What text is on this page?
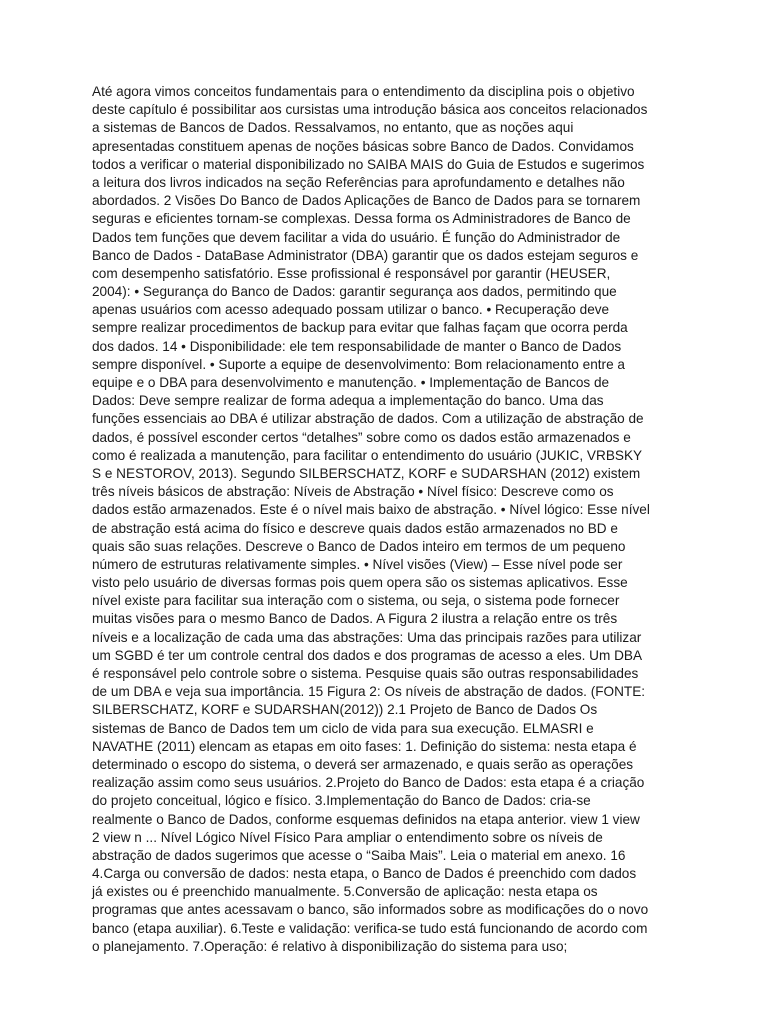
Até agora vimos conceitos fundamentais para o entendimento da disciplina pois o objetivo
deste capítulo é possibilitar aos cursistas uma introdução básica aos conceitos relacionados
a sistemas de Bancos de Dados. Ressalvamos, no entanto, que as noções aqui
apresentadas constituem apenas de noções básicas sobre Banco de Dados. Convidamos
todos a verificar o material disponibilizado no SAIBA MAIS do Guia de Estudos e sugerimos
a leitura dos livros indicados na seção Referências para aprofundamento e detalhes não
abordados. 2 Visões Do Banco de Dados Aplicações de Banco de Dados para se tornarem
seguras e eficientes tornam-se complexas. Dessa forma os Administradores de Banco de
Dados tem funções que devem facilitar a vida do usuário. É função do Administrador de
Banco de Dados - DataBase Administrator (DBA) garantir que os dados estejam seguros e
com desempenho satisfatório. Esse profissional é responsável por garantir (HEUSER,
2004): • Segurança do Banco de Dados: garantir segurança aos dados, permitindo que
apenas usuários com acesso adequado possam utilizar o banco. • Recuperação deve
sempre realizar procedimentos de backup para evitar que falhas façam que ocorra perda
dos dados. 14 • Disponibilidade: ele tem responsabilidade de manter o Banco de Dados
sempre disponível. • Suporte a equipe de desenvolvimento: Bom relacionamento entre a
equipe e o DBA para desenvolvimento e manutenção. • Implementação de Bancos de
Dados: Deve sempre realizar de forma adequa a implementação do banco. Uma das
funções essenciais ao DBA é utilizar abstração de dados. Com a utilização de abstração de
dados, é possível esconder certos “detalhes” sobre como os dados estão armazenados e
como é realizada a manutenção, para facilitar o entendimento do usuário (JUKIC, VRBSKY
S e NESTOROV, 2013). Segundo SILBERSCHATZ, KORF e SUDARSHAN (2012) existem
três níveis básicos de abstração: Níveis de Abstração • Nível físico: Descreve como os
dados estão armazenados. Este é o nível mais baixo de abstração. • Nível lógico: Esse nível
de abstração está acima do físico e descreve quais dados estão armazenados no BD e
quais são suas relações. Descreve o Banco de Dados inteiro em termos de um pequeno
número de estruturas relativamente simples. • Nível visões (View) – Esse nível pode ser
visto pelo usuário de diversas formas pois quem opera são os sistemas aplicativos. Esse
nível existe para facilitar sua interação com o sistema, ou seja, o sistema pode fornecer
muitas visões para o mesmo Banco de Dados. A Figura 2 ilustra a relação entre os três
níveis e a localização de cada uma das abstrações: Uma das principais razões para utilizar
um SGBD é ter um controle central dos dados e dos programas de acesso a eles. Um DBA
é responsável pelo controle sobre o sistema. Pesquise quais são outras responsabilidades
de um DBA e veja sua importância. 15 Figura 2: Os níveis de abstração de dados. (FONTE:
SILBERSCHATZ, KORF e SUDARSHAN(2012)) 2.1 Projeto de Banco de Dados Os
sistemas de Banco de Dados tem um ciclo de vida para sua execução. ELMASRI e
NAVATHE (2011) elencam as etapas em oito fases: 1. Definição do sistema: nesta etapa é
determinado o escopo do sistema, o deverá ser armazenado, e quais serão as operações
realização assim como seus usuários. 2.Projeto do Banco de Dados: esta etapa é a criação
do projeto conceitual, lógico e físico. 3.Implementação do Banco de Dados: cria-se
realmente o Banco de Dados, conforme esquemas definidos na etapa anterior. view 1 view
2 view n ... Nível Lógico Nível Físico Para ampliar o entendimento sobre os níveis de
abstração de dados sugerimos que acesse o “Saiba Mais”. Leia o material em anexo. 16
4.Carga ou conversão de dados: nesta etapa, o Banco de Dados é preenchido com dados
já existes ou é preenchido manualmente. 5.Conversão de aplicação: nesta etapa os
programas que antes acessavam o banco, são informados sobre as modificações do o novo
banco (etapa auxiliar). 6.Teste e validação: verifica-se tudo está funcionando de acordo com
o planejamento. 7.Operação: é relativo à disponibilização do sistema para uso;
